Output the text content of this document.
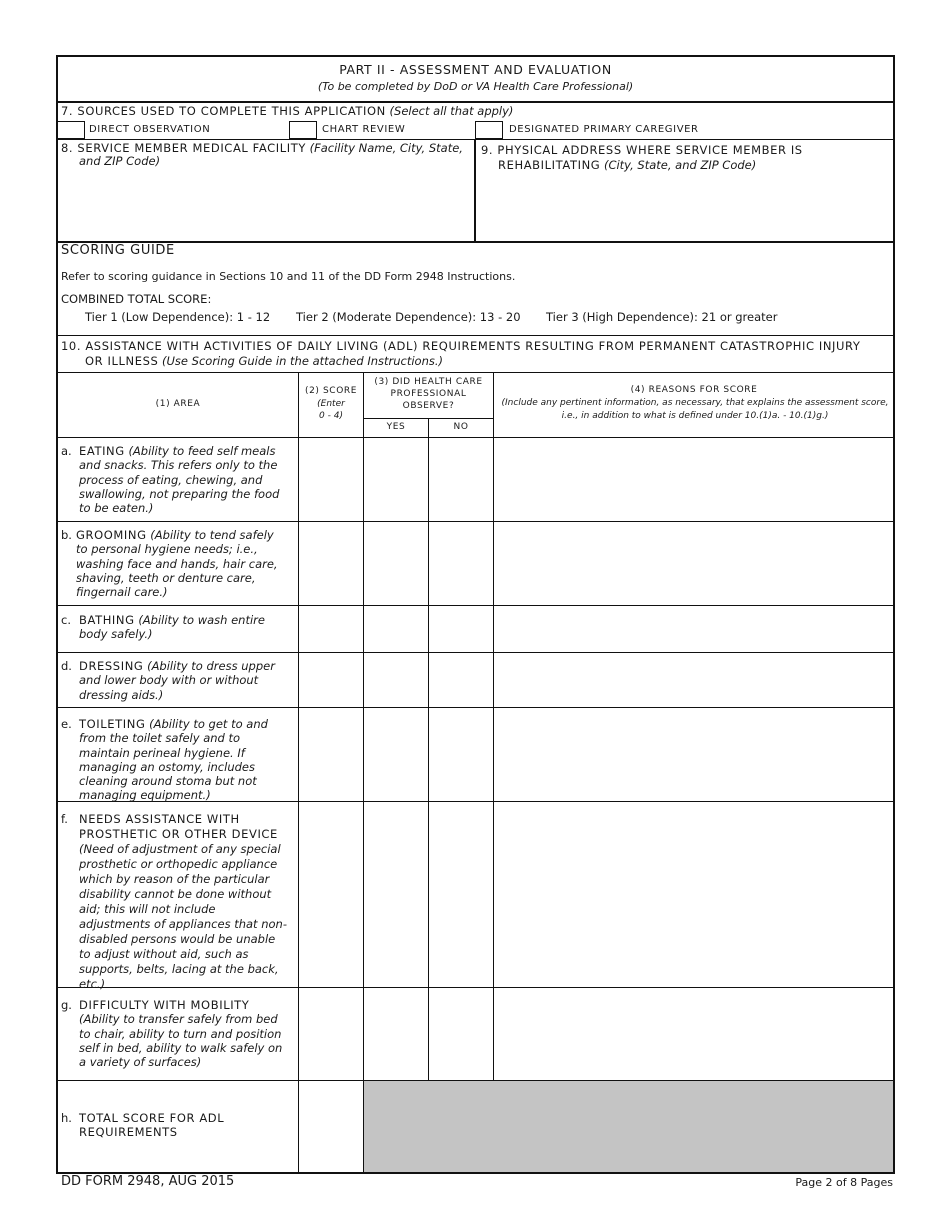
PART II - ASSESSMENT AND EVALUATION
(To be completed by DoD or VA Health Care Professional)
7. SOURCES USED TO COMPLETE THIS APPLICATION (Select all that apply)
DIRECT OBSERVATION	CHART REVIEW	DESIGNATED PRIMARY CAREGIVER
8. SERVICE MEMBER MEDICAL FACILITY (Facility Name, City, State,
and ZIP Code)
9. PHYSICAL ADDRESS WHERE SERVICE MEMBER IS
REHABILITATING (City, State, and ZIP Code)
SCORING GUIDE
Refer to scoring guidance in Sections 10 and 11 of the DD Form 2948 Instructions.
COMBINED TOTAL SCORE:
Tier 1 (Low Dependence): 1 - 12 Tier 2 (Moderate Dependence): 13 - 20 Tier 3 (High Dependence): 21 or greater
10. ASSISTANCE WITH ACTIVITIES OF DAILY LIVING (ADL) REQUIREMENTS RESULTING FROM PERMANENT CATASTROPHIC INJURY
OR ILLNESS (Use Scoring Guide in the attached Instructions.)
(1) AREA
(2) SCORE
(Enter
0 - 4)
(3) DID HEALTH CARE
PROFESSIONAL
OBSERVE?
YES	NO
(4) REASONS FOR SCORE
(Include any pertinent information, as necessary, that explains the assessment score, i.e., in addition to what is defined under 10.(1)a. - 10.(1)g.)
a. EATING (Ability to feed self meals and snacks. This refers only to the process of eating, chewing, and swallowing, not preparing the food to be eaten.)
b. GROOMING (Ability to tend safely to personal hygiene needs; i.e., washing face and hands, hair care, shaving, teeth or denture care, fingernail care.)
c. BATHING (Ability to wash entire body safely.)
d. DRESSING (Ability to dress upper and lower body with or without dressing aids.)
e. TOILETING (Ability to get to and from the toilet safely and to maintain perineal hygiene. If managing an ostomy, includes cleaning around stoma but not managing equipment.)
f. NEEDS ASSISTANCE WITH PROSTHETIC OR OTHER DEVICE
(Need of adjustment of any special prosthetic or orthopedic appliance which by reason of the particular disability cannot be done without aid; this will not include adjustments of appliances that non-disabled persons would be unable to adjust without aid, such as supports, belts, lacing at the back, etc.)
g. DIFFICULTY WITH MOBILITY
(Ability to transfer safely from bed to chair, ability to turn and position self in bed, ability to walk safely on a variety of surfaces)
h. TOTAL SCORE FOR ADL REQUIREMENTS
DD FORM 2948, AUG 2015	Page 2 of 8 Pages
